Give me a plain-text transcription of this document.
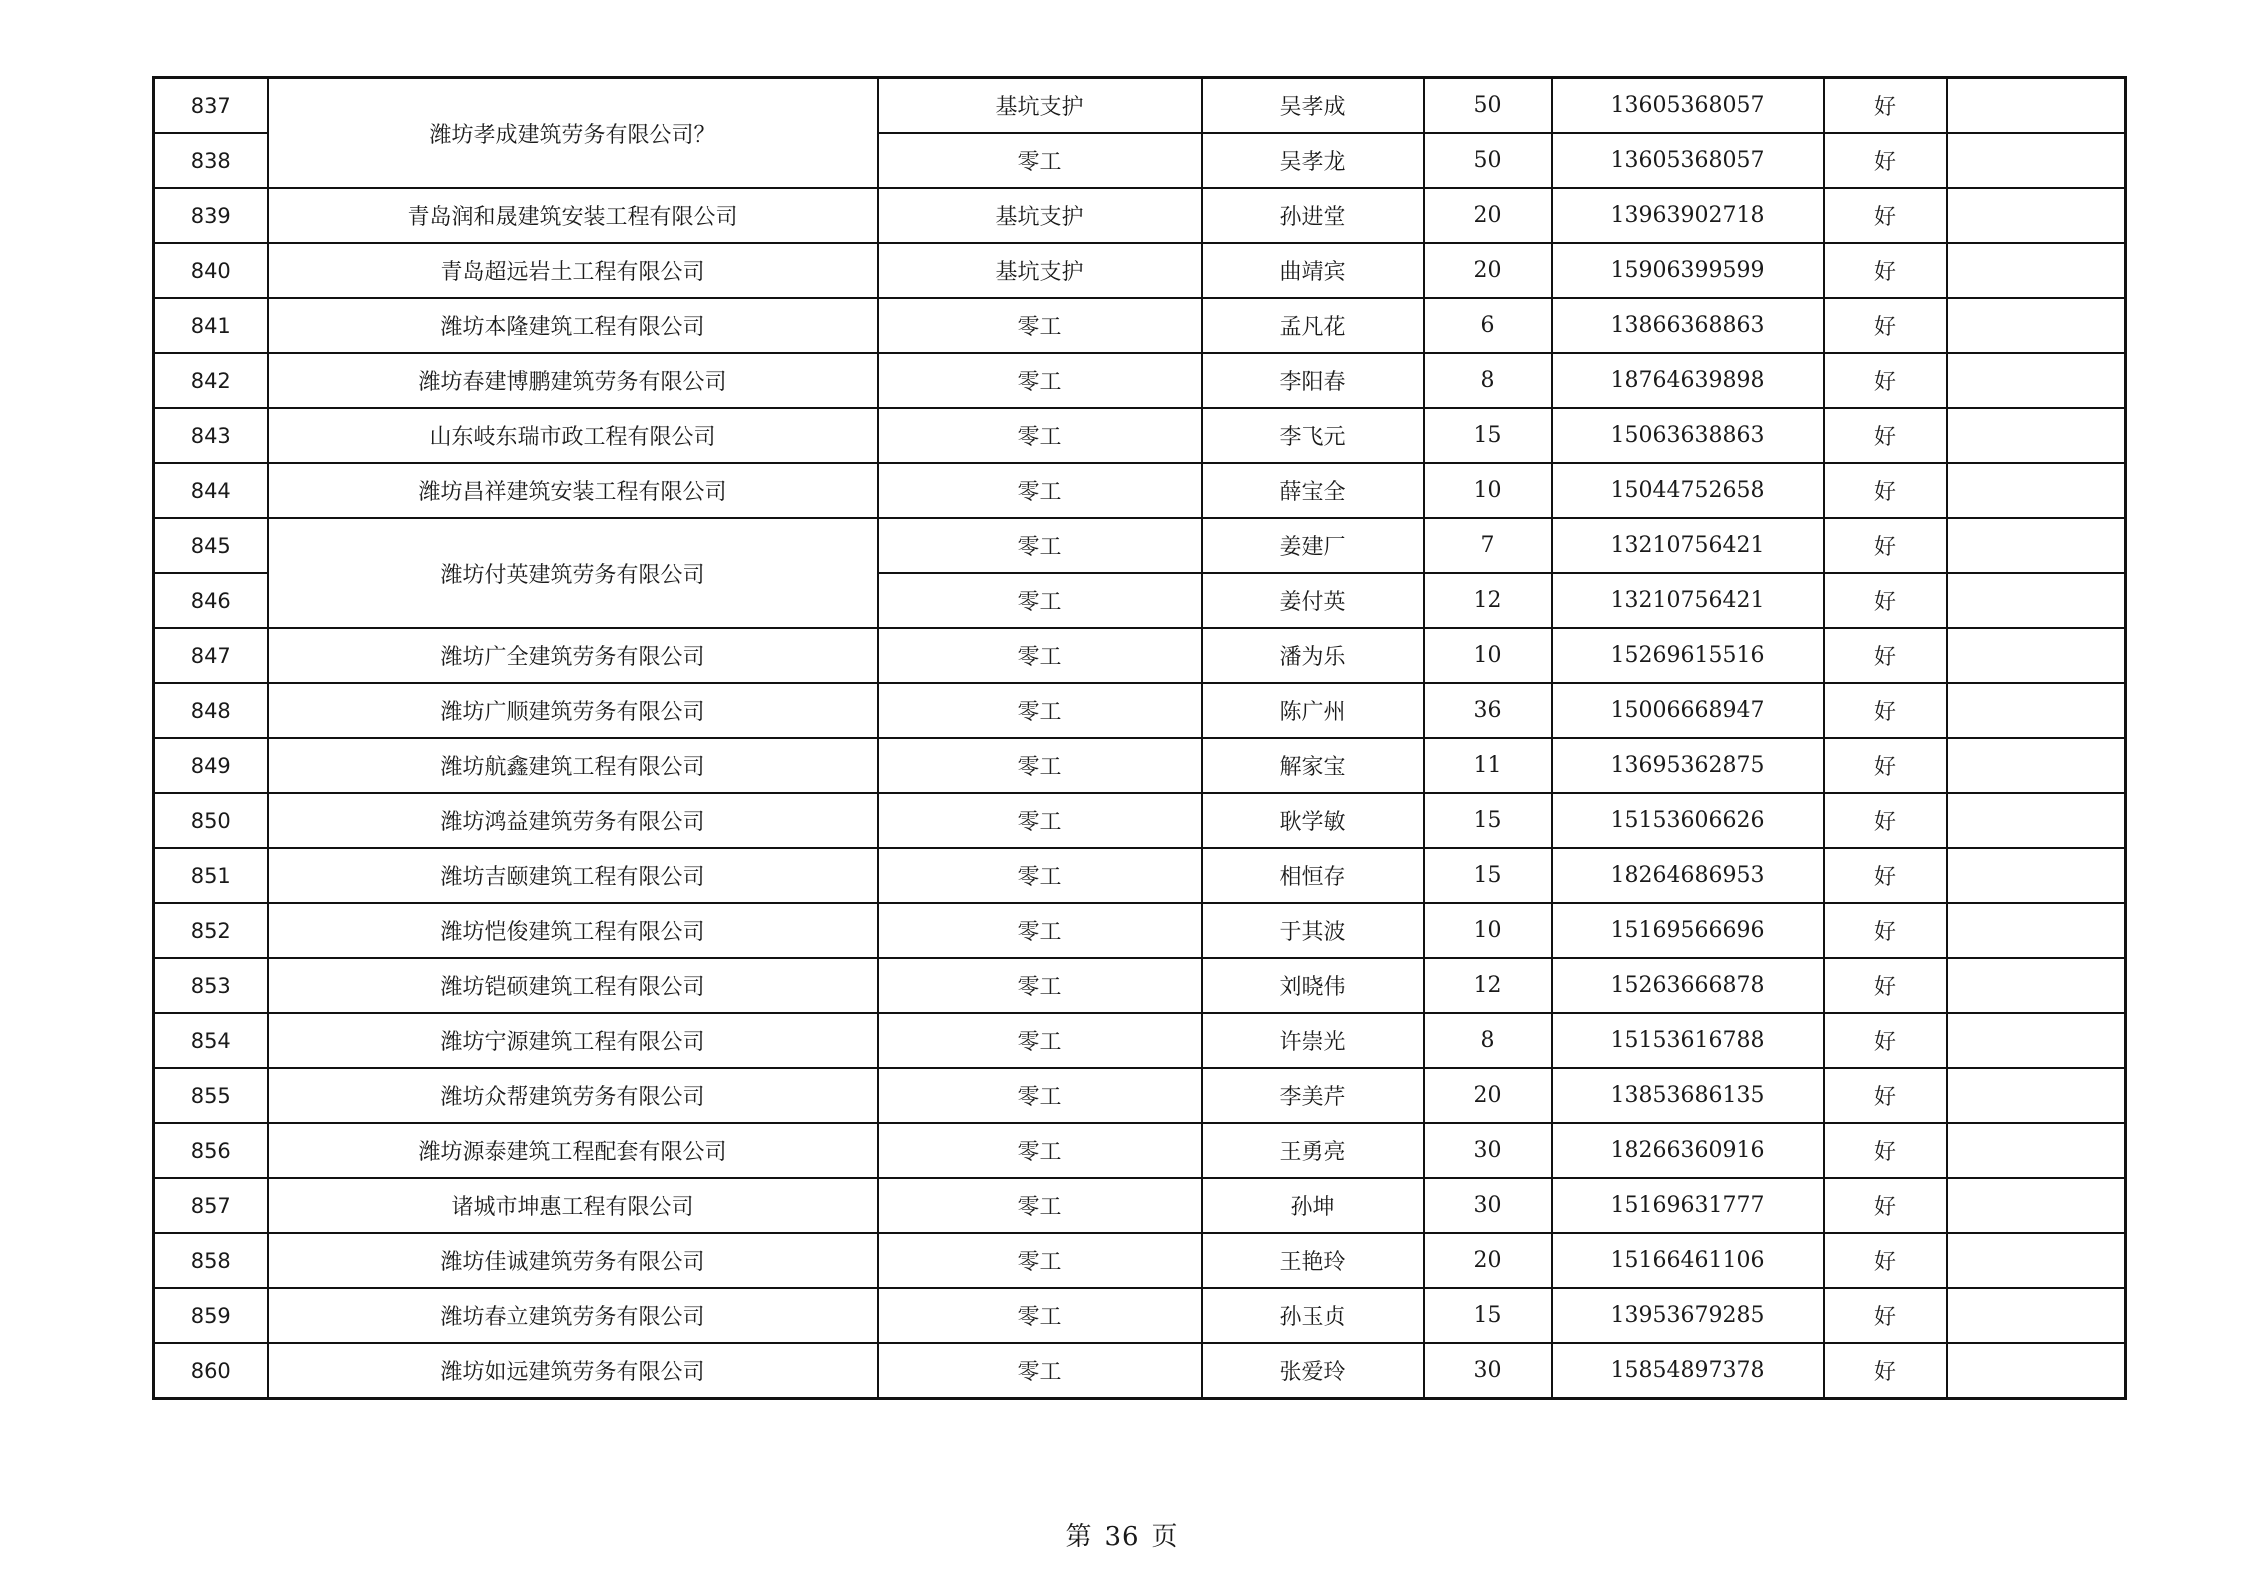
837	潍坊孝成建筑劳务有限公司？	基坑支护	吴孝成	50	13605368057	好	
838		零工	吴孝龙	50	13605368057	好	
839	青岛润和晟建筑安装工程有限公司	基坑支护	孙进堂	20	13963902718	好	
840	青岛超远岩土工程有限公司	基坑支护	曲靖宾	20	15906399599	好	
841	潍坊本隆建筑工程有限公司	零工	孟凡花	6	13866368863	好	
842	潍坊春建博鹏建筑劳务有限公司	零工	李阳春	8	18764639898	好	
843	山东岐东瑞市政工程有限公司	零工	李飞元	15	15063638863	好	
844	潍坊昌祥建筑安装工程有限公司	零工	薛宝全	10	15044752658	好	
845	潍坊付英建筑劳务有限公司	零工	姜建厂	7	13210756421	好	
846		零工	姜付英	12	13210756421	好	
847	潍坊广全建筑劳务有限公司	零工	潘为乐	10	15269615516	好	
848	潍坊广顺建筑劳务有限公司	零工	陈广州	36	15006668947	好	
849	潍坊航鑫建筑工程有限公司	零工	解家宝	11	13695362875	好	
850	潍坊鸿益建筑劳务有限公司	零工	耿学敏	15	15153606626	好	
851	潍坊吉颐建筑工程有限公司	零工	相恒存	15	18264686953	好	
852	潍坊恺俊建筑工程有限公司	零工	于其波	10	15169566696	好	
853	潍坊铠硕建筑工程有限公司	零工	刘晓伟	12	15263666878	好	
854	潍坊宁源建筑工程有限公司	零工	许崇光	8	15153616788	好	
855	潍坊众帮建筑劳务有限公司	零工	李美芹	20	13853686135	好	
856	潍坊源泰建筑工程配套有限公司	零工	王勇亮	30	18266360916	好	
857	诸城市坤惠工程有限公司	零工	孙坤	30	15169631777	好	
858	潍坊佳诚建筑劳务有限公司	零工	王艳玲	20	15166461106	好	
859	潍坊春立建筑劳务有限公司	零工	孙玉贞	15	13953679285	好	
860	潍坊如远建筑劳务有限公司	零工	张爱玲	30	15854897378	好	
第 36 页
